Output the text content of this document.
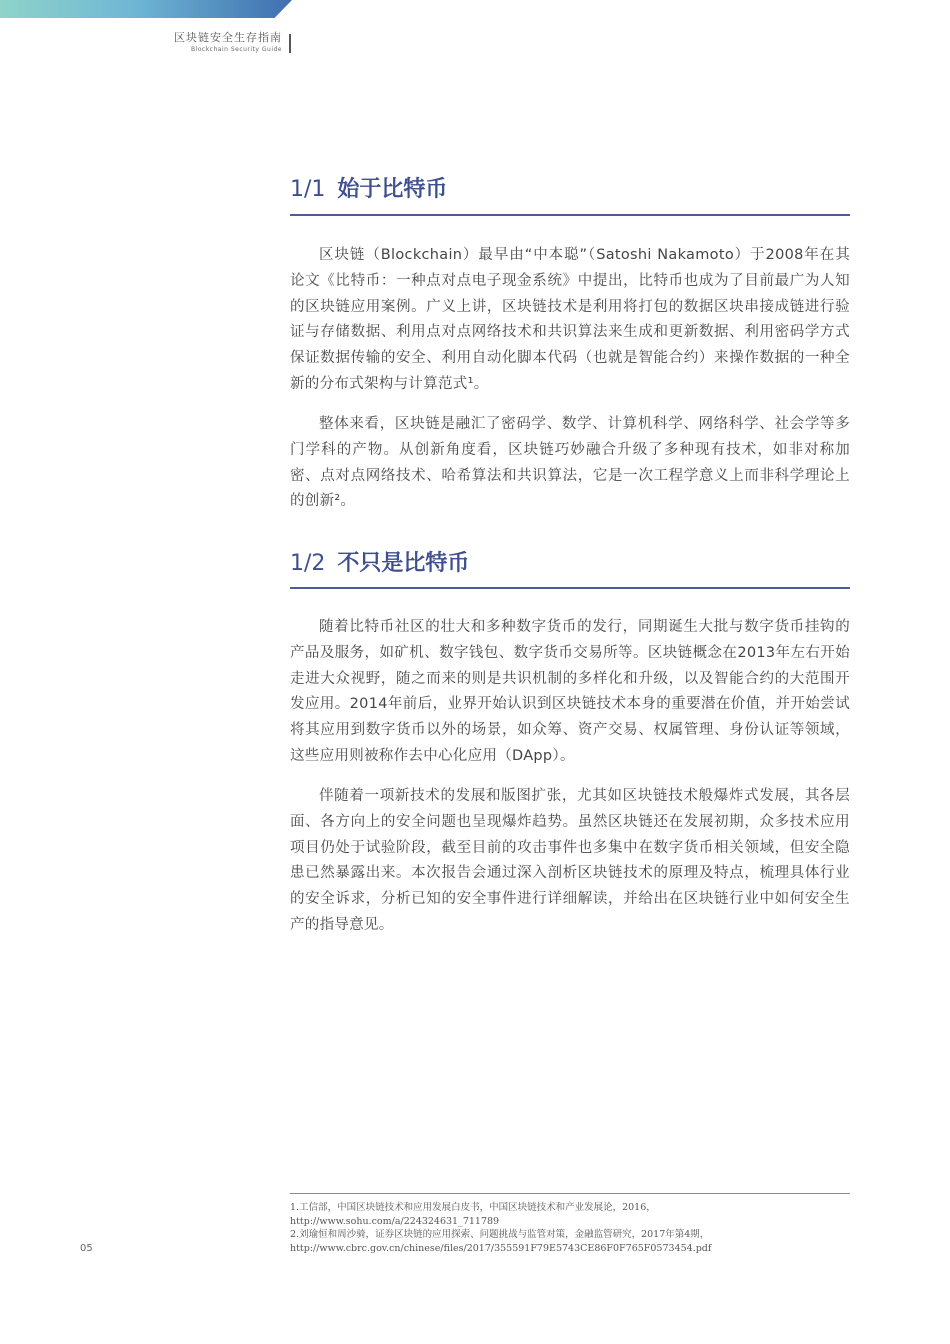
区块链安全生存指南
Blockchain Security Guide
1/1 始于比特币

区块链（Blockchain）最早由“中本聪”（Satoshi Nakamoto）于2008年在其论文《比特币：一种点对点电子现金系统》中提出，比特币也成为了目前最广为人知的区块链应用案例。广义上讲，区块链技术是利用将打包的数据区块串接成链进行验证与存储数据、利用点对点网络技术和共识算法来生成和更新数据、利用密码学方式保证数据传输的安全、利用自动化脚本代码（也就是智能合约）来操作数据的一种全新的分布式架构与计算范式¹。

整体来看，区块链是融汇了密码学、数学、计算机科学、网络科学、社会学等多门学科的产物。从创新角度看，区块链巧妙融合升级了多种现有技术，如非对称加密、点对点网络技术、哈希算法和共识算法，它是一次工程学意义上而非科学理论上的创新²。

1/2 不只是比特币

随着比特币社区的壮大和多种数字货币的发行，同期诞生大批与数字货币挂钩的产品及服务，如矿机、数字钱包、数字货币交易所等。区块链概念在2013年左右开始走进大众视野，随之而来的则是共识机制的多样化和升级，以及智能合约的大范围开发应用。2014年前后，业界开始认识到区块链技术本身的重要潜在价值，并开始尝试将其应用到数字货币以外的场景，如众筹、资产交易、权属管理、身份认证等领域，这些应用则被称作去中心化应用（DApp）。

伴随着一项新技术的发展和版图扩张，尤其如区块链技术般爆炸式发展，其各层面、各方向上的安全问题也呈现爆炸趋势。虽然区块链还在发展初期，众多技术应用项目仍处于试验阶段，截至目前的攻击事件也多集中在数字货币相关领域，但安全隐患已然暴露出来。本次报告会通过深入剖析区块链技术的原理及特点，梳理具体行业的安全诉求，分析已知的安全事件进行详细解读，并给出在区块链行业中如何安全生产的指导意见。

1.工信部，中国区块链技术和应用发展白皮书，中国区块链技术和产业发展论，2016，
http://www.sohu.com/a/224324631_711789
2.刘瑜恒和周沙骑，证券区块链的应用探索、问题挑战与监管对策，金融监管研究，2017年第4期，
http://www.cbrc.gov.cn/chinese/files/2017/355591F79E5743CE86F0F765F0573454.pdf
05
